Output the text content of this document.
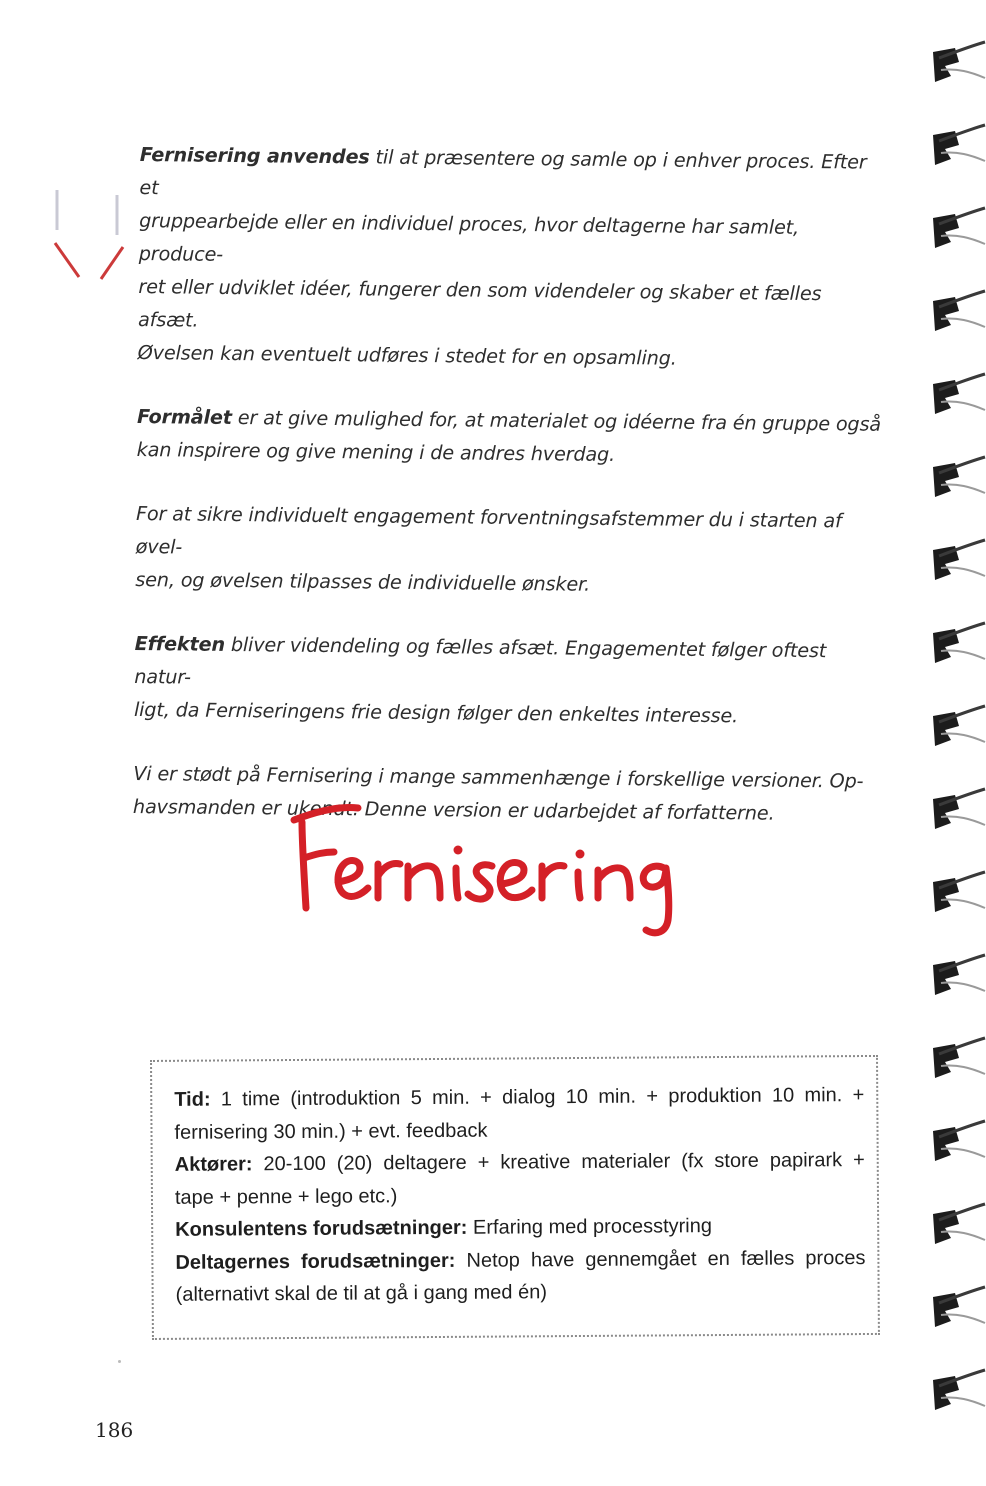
Fernisering anvendes til at præsentere og samle op i enhver proces. Efter et
gruppearbejde eller en individuel proces, hvor deltagerne har samlet, produce-
ret eller udviklet idéer, fungerer den som videndeler og skaber et fælles afsæt.
Øvelsen kan eventuelt udføres i stedet for en opsamling.

Formålet er at give mulighed for, at materialet og idéerne fra én gruppe også
kan inspirere og give mening i de andres hverdag.

For at sikre individuelt engagement forventningsafstemmer du i starten af øvel-
sen, og øvelsen tilpasses de individuelle ønsker.

Effekten bliver videndeling og fælles afsæt. Engagementet følger oftest natur-
ligt, da Ferniseringens frie design følger den enkeltes interesse.

Vi er stødt på Fernisering i mange sammenhænge i forskellige versioner. Op-
havsmanden er ukendt. Denne version er udarbejdet af forfatterne.

Tid: 1 time (introduktion 5 min. + dialog 10 min. + produktion 10 min. +
fernisering 30 min.) + evt. feedback
Aktører: 20-100 (20) deltagere + kreative materialer (fx store papirark +
tape + penne + lego etc.)
Konsulentens forudsætninger: Erfaring med processtyring
Deltagernes forudsætninger: Netop have gennemgået en fælles proces
(alternativt skal de til at gå i gang med én)
186
